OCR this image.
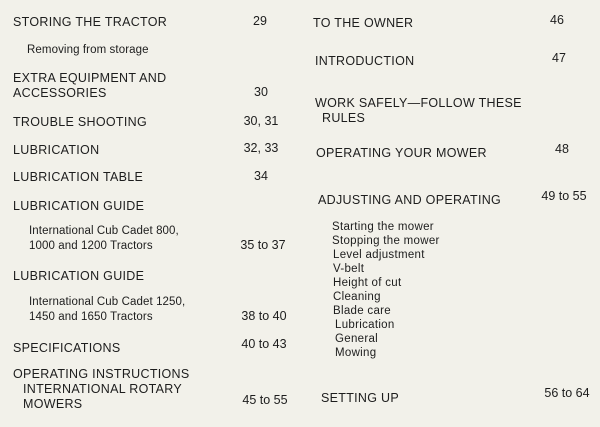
STORING THE TRACTOR	29
Removing from storage
EXTRA EQUIPMENT AND
ACCESSORIES	30
TROUBLE SHOOTING	30, 31
LUBRICATION	32, 33
LUBRICATION TABLE	34
LUBRICATION GUIDE
International Cub Cadet 800,
1000 and 1200 Tractors	35 to 37
LUBRICATION GUIDE
International Cub Cadet 1250,
1450 and 1650 Tractors	38 to 40
SPECIFICATIONS	40 to 43
OPERATING INSTRUCTIONS
INTERNATIONAL ROTARY
MOWERS	45 to 55
TO THE OWNER	46
INTRODUCTION	47
WORK SAFELY—FOLLOW THESE
RULES
OPERATING YOUR MOWER	48
ADJUSTING AND OPERATING	49 to 55
Starting the mower
Stopping the mower
Level adjustment
V-belt
Height of cut
Cleaning
Blade care
Lubrication
General
Mowing
SETTING UP	56 to 64
